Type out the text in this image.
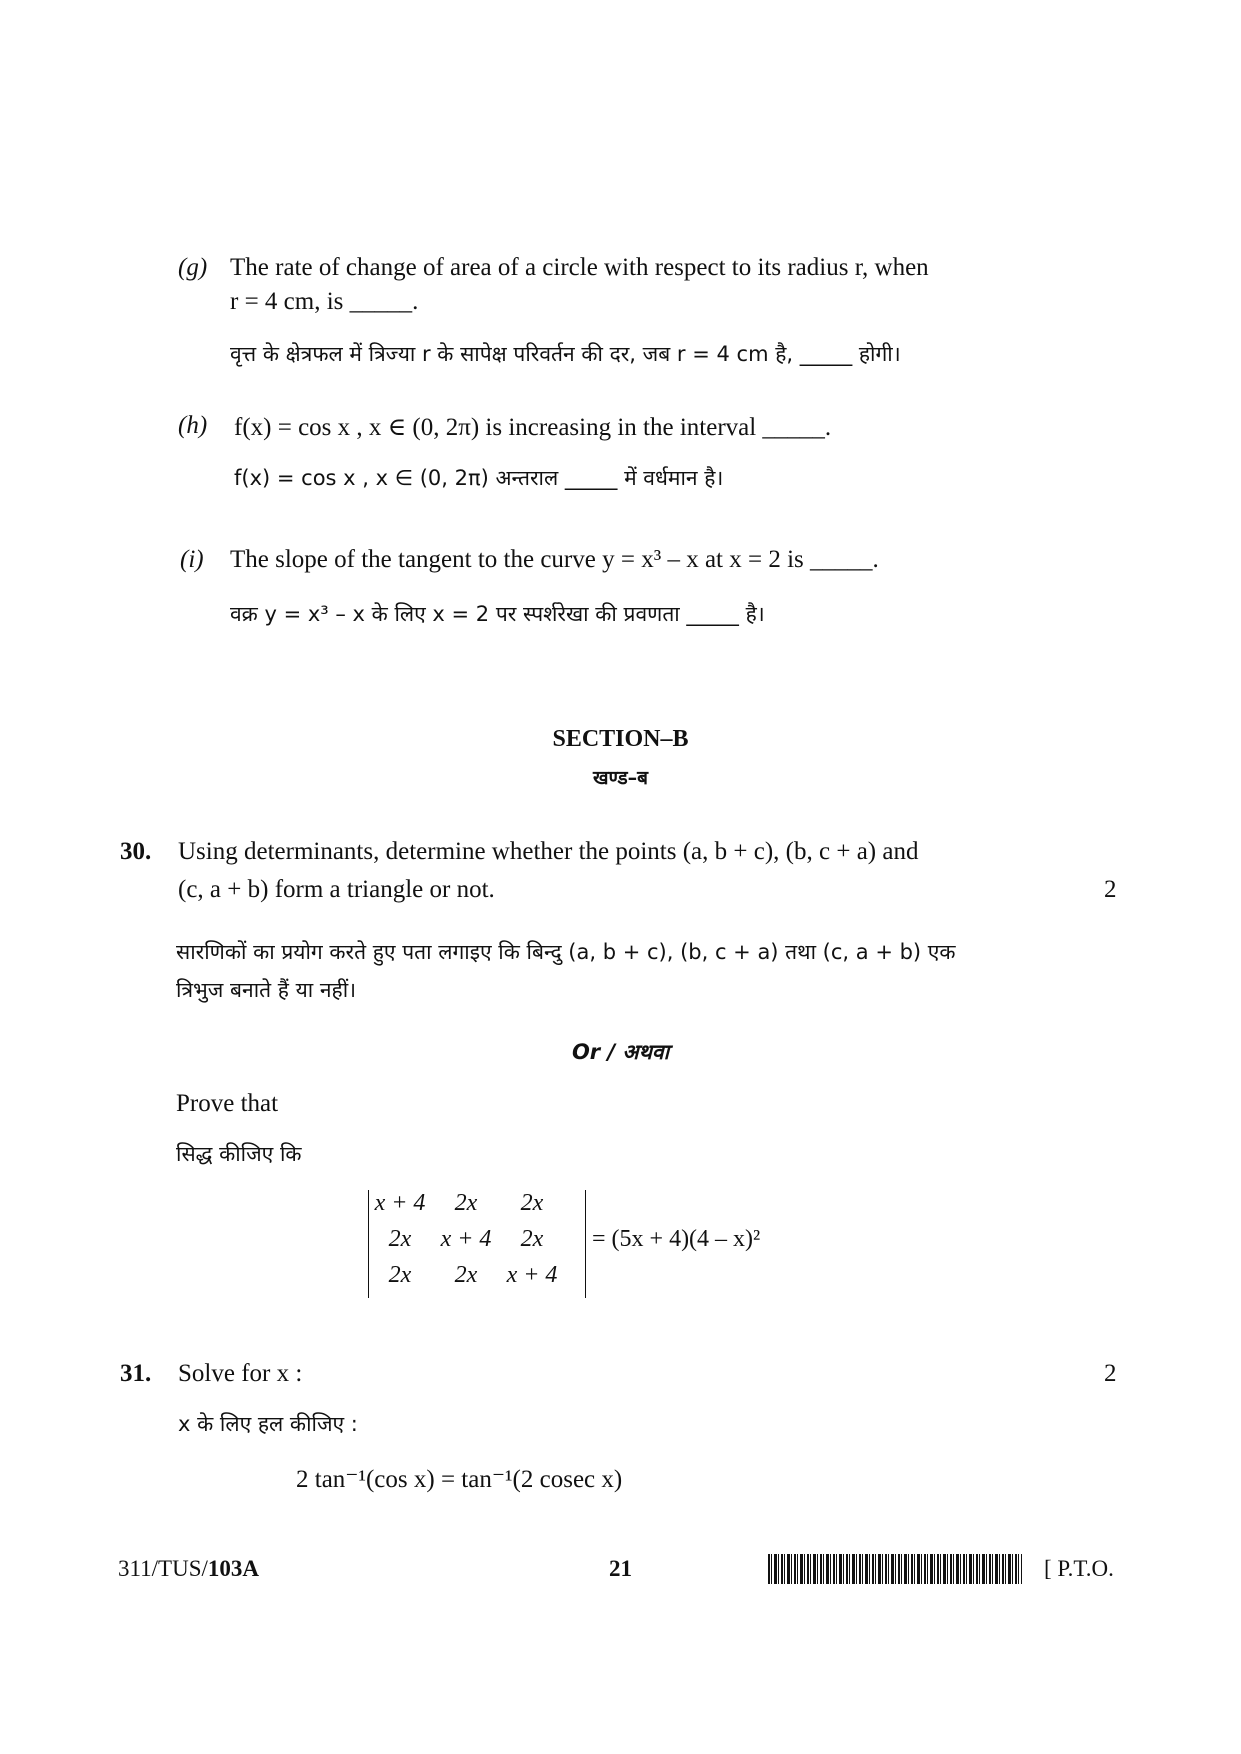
(g) The rate of change of area of a circle with respect to its radius r, when
r = 4 cm, is _____.
वृत्त के क्षेत्रफल में त्रिज्या r के सापेक्ष परिवर्तन की दर, जब r = 4 cm है, _____ होगी।
(h) f(x) = cos x , x ∈ (0, 2π) is increasing in the interval _____.
f(x) = cos x , x ∈ (0, 2π) अन्तराल _____ में वर्धमान है।
(i) The slope of the tangent to the curve y = x³ – x at x = 2 is _____.
वक्र y = x³ – x के लिए x = 2 पर स्पर्शरेखा की प्रवणता _____ है।
SECTION–B
खण्ड–ब
30. Using determinants, determine whether the points (a, b + c), (b, c + a) and
(c, a + b) form a triangle or not.	2
सारणिकों का प्रयोग करते हुए पता लगाइए कि बिन्दु (a, b + c), (b, c + a) तथा (c, a + b) एक
त्रिभुज बनाते हैं या नहीं।
Or / अथवा
Prove that
सिद्ध कीजिए कि
x + 4	2x	2x
2x	x + 4	2x
2x	2x	x + 4
= (5x + 4)(4 – x)²
31. Solve for x :	2
x के लिए हल कीजिए :
2 tan⁻¹(cos x) = tan⁻¹(2 cosec x)
311/TUS/103A	21	[ P.T.O.
